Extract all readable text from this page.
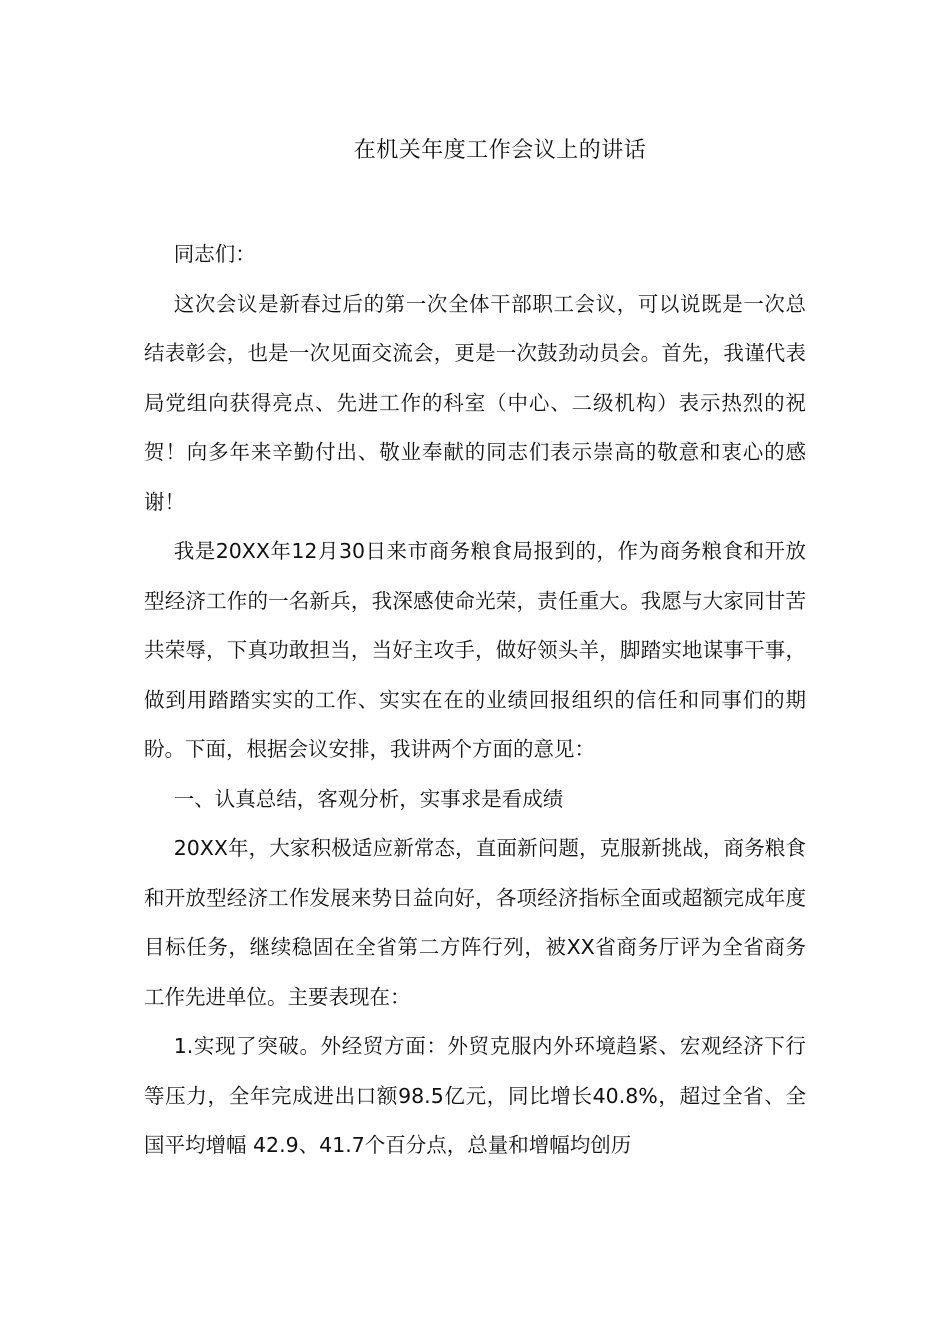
在机关年度工作会议上的讲话

同志们：

这次会议是新春过后的第一次全体干部职工会议，可以说既是一次总结表彰会，也是一次见面交流会，更是一次鼓劲动员会。首先，我谨代表局党组向获得亮点、先进工作的科室（中心、二级机构）表示热烈的祝贺！向多年来辛勤付出、敬业奉献的同志们表示崇高的敬意和衷心的感谢！

我是20XX年12月30日来市商务粮食局报到的，作为商务粮食和开放型经济工作的一名新兵，我深感使命光荣，责任重大。我愿与大家同甘苦共荣辱，下真功敢担当，当好主攻手，做好领头羊，脚踏实地谋事干事，做到用踏踏实实的工作、实实在在的业绩回报组织的信任和同事们的期盼。下面，根据会议安排，我讲两个方面的意见：

一、认真总结，客观分析，实事求是看成绩

20XX年，大家积极适应新常态，直面新问题，克服新挑战，商务粮食和开放型经济工作发展来势日益向好，各项经济指标全面或超额完成年度目标任务，继续稳固在全省第二方阵行列，被XX省商务厅评为全省商务工作先进单位。主要表现在：

1.实现了突破。外经贸方面：外贸克服内外环境趋紧、宏观经济下行等压力，全年完成进出口额98.5亿元，同比增长40.8%，超过全省、全国平均增幅 42.9、41.7个百分点，总量和增幅均创历
